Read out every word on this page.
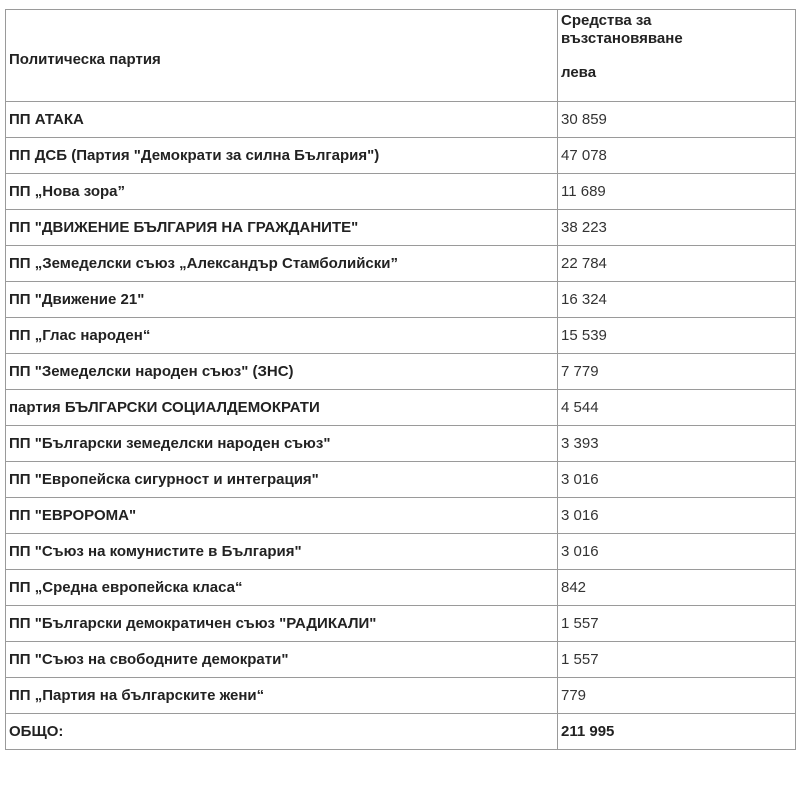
Политическа партия	Средства за
възстановяване
лева

ПП АТАКА	30 859
ПП ДСБ (Партия "Демократи за силна България")	47 078
ПП „Нова зора”	11 689
ПП "ДВИЖЕНИЕ БЪЛГАРИЯ НА ГРАЖДАНИТЕ"	38 223
ПП „Земеделски съюз „Александър Стамболийски”	22 784
ПП "Движение 21"	16 324
ПП „Глас народен“	15 539
ПП "Земеделски народен съюз" (ЗНС)	7 779
партия БЪЛГАРСКИ СОЦИАЛДЕМОКРАТИ	4 544
ПП "Български земеделски народен съюз"	3 393
ПП "Европейска сигурност и интеграция"	3 016
ПП "ЕВРОРОМА"	3 016
ПП "Съюз на комунистите в България"	3 016
ПП „Средна европейска класа“	842
ПП "Български демократичен съюз "РАДИКАЛИ"	1 557
ПП "Съюз на свободните демократи"	1 557
ПП „Партия на българските жени“	779
ОБЩО:	211 995
